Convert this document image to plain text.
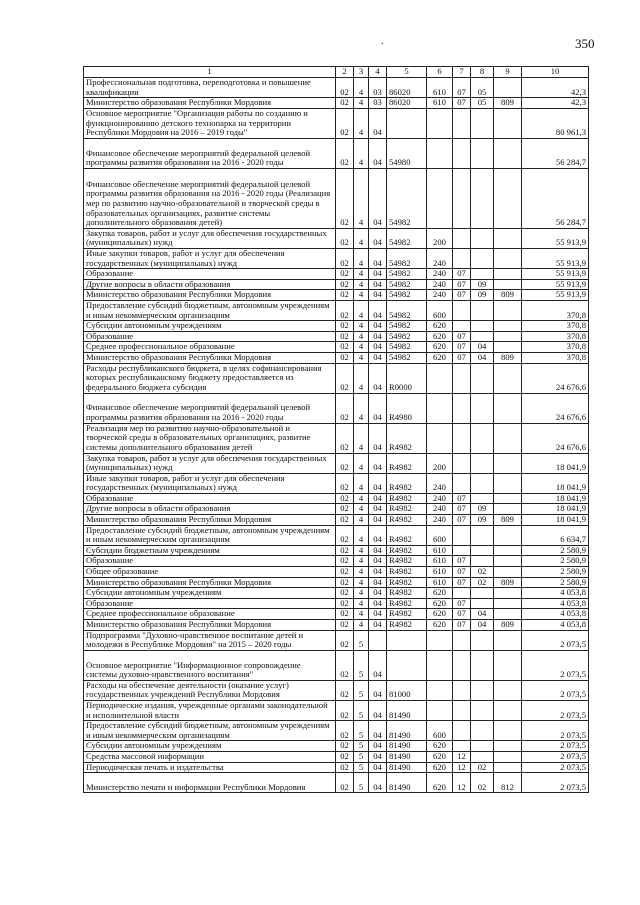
350
.
1	2	3	4	5	6	7	8	9	10
Профессиональная подготовка, переподготовка и повышение квалификации	02	4	03	86020	610	07	05		42,3
Министерство образования Республики Мордовия	02	4	03	86020	610	07	05	809	42,3
Основное мероприятие "Организация работы по созданию и функционированию детского технопарка на территории Республики Мордовия на 2016 – 2019 годы"	02	4	04						80 961,3
Финансовое обеспечение мероприятий федеральной целевой программы развития образования на 2016 - 2020 годы	02	4	04	54980					56 284,7
Финансовое обеспечение мероприятий федеральной целевой программы развития образования на 2016 - 2020 годы (Реализация мер по развитию научно-образовательной и творческой среды в образовательных организациях, развитие системы дополнительного образования детей)	02	4	04	54982					56 284,7
Закупка товаров, работ и услуг для обеспечения государственных (муниципальных) нужд	02	4	04	54982	200				55 913,9
Иные закупки товаров, работ и услуг для обеспечения государственных (муниципальных) нужд	02	4	04	54982	240				55 913,9
Образование	02	4	04	54982	240	07			55 913,9
Другие вопросы в области образования	02	4	04	54982	240	07	09		55 913,9
Министерство образования Республики Мордовия	02	4	04	54982	240	07	09	809	55 913,9
Предоставление субсидий бюджетным, автономным учреждениям и иным некоммерческим организациям	02	4	04	54982	600				370,8
Субсидии автономным учреждениям	02	4	04	54982	620				370,8
Образование	02	4	04	54982	620	07			370,8
Среднее профессиональное образование	02	4	04	54982	620	07	04		370,8
Министерство образования Республики Мордовия	02	4	04	54982	620	07	04	809	370,8
Расходы республиканского бюджета, в целях софинансирования которых республиканскому бюджету предоставляется из федерального бюджета субсидия	02	4	04	R0000					24 676,6
Финансовое обеспечение мероприятий федеральной целевой программы развития образования на 2016 - 2020 годы	02	4	04	R4980					24 676,6
Реализация мер по развитию научно-образовательной и творческой среды в образовательных организациях, развитие системы дополнительного образования детей	02	4	04	R4982					24 676,6
Закупка товаров, работ и услуг для обеспечения государственных (муниципальных) нужд	02	4	04	R4982	200				18 041,9
Иные закупки товаров, работ и услуг для обеспечения государственных (муниципальных) нужд	02	4	04	R4982	240				18 041,9
Образование	02	4	04	R4982	240	07			18 041,9
Другие вопросы в области образования	02	4	04	R4982	240	07	09		18 041,9
Министерство образования Республики Мордовия	02	4	04	R4982	240	07	09	809	18 041,9
Предоставление субсидий бюджетным, автономным учреждениям и иным некоммерческим организациям	02	4	04	R4982	600				6 634,7
Субсидии бюджетным учреждениям	02	4	04	R4982	610				2 580,9
Образование	02	4	04	R4982	610	07			2 580,9
Общее образование	02	4	04	R4982	610	07	02		2 580,9
Министерство образования Республики Мордовия	02	4	04	R4982	610	07	02	809	2 580,9
Субсидии автономным учреждениям	02	4	04	R4982	620				4 053,8
Образование	02	4	04	R4982	620	07			4 053,8
Среднее профессиональное образование	02	4	04	R4982	620	07	04		4 053,8
Министерство образования Республики Мордовия	02	4	04	R4982	620	07	04	809	4 053,8
Подпрограмма "Духовно-нравственное воспитание детей и молодежи в Республике Мордовия" на 2015 – 2020 годы	02	5							2 073,5
Основное мероприятие "Информационное сопровождение системы духовно-нравственного воспитания"	02	5	04						2 073,5
Расходы на обеспечение деятельности (оказание услуг) государственных учреждений Республики Мордовия	02	5	04	81000					2 073,5
Периодические издания, учрежденные органами законодательной и исполнительной власти	02	5	04	81490					2 073,5
Предоставление субсидий бюджетным, автономным учреждениям и иным некоммерческим организациям	02	5	04	81490	600				2 073,5
Субсидии автономным учреждениям	02	5	04	81490	620				2 073,5
Средства массовой информации	02	5	04	81490	620	12			2 073,5
Периодическая печать и издательства	02	5	04	81490	620	12	02		2 073,5
Министерство печати и информации Республики Мордовия	02	5	04	81490	620	12	02	812	2 073,5
